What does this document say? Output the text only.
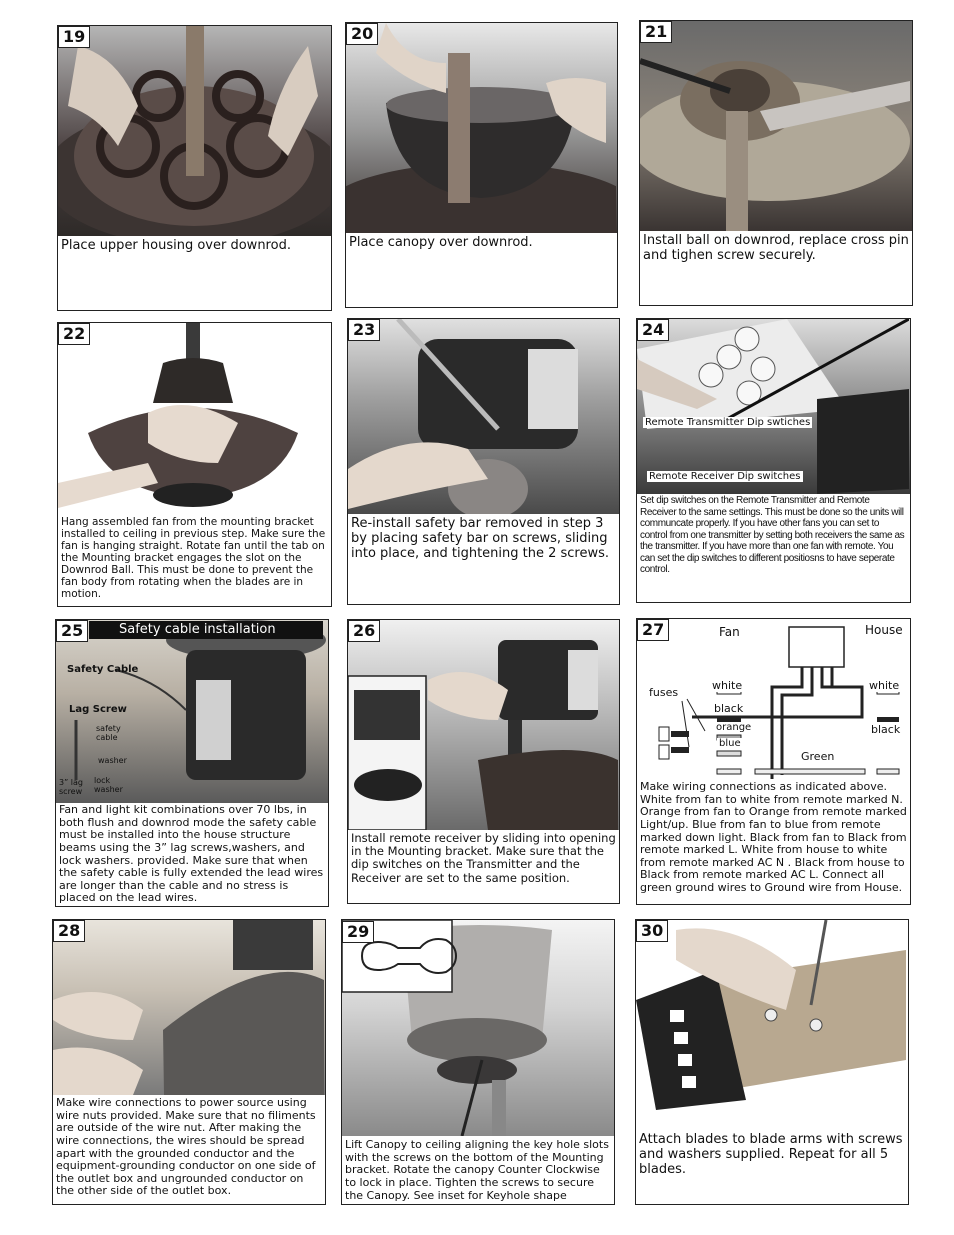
19
Place upper housing over downrod.
20
Place canopy over downrod.
21
Install ball on downrod, replace cross pin and tighen screw securely.
22
Hang assembled fan from the mounting bracket installed to ceiling in previous step. Make sure the fan is hanging straight. Rotate fan until the tab on the Mounting bracket engages the slot on the Downrod Ball. This must be done to prevent the fan body from rotating when the blades are in motion.
23
Re-install safety bar removed in step 3 by placing safety bar on screws, sliding into place, and tightening the 2 screws.
24
Remote Transmitter Dip swtiches
Remote Receiver Dip switches
Set dip switches on the Remote Transmitter and Remote Receiver to the same settings. This must be done so the units will communcate properly. If you have other fans you can set to control from one transmitter by setting both receivers the same as the transmitter. If you have more than one fan with remote. You can set the dip switches to different positiosns to have seperate control.
25	Safety cable installation
Safety Cable
Lag Screw
safety cable
washer
lock washer
3” lag screw
Fan and light kit combinations over 70 lbs, in both flush and downrod mode the safety cable must be installed into the house structure beams using the 3” lag screws,washers, and lock washers. provided. Make sure that when the safety cable is fully extended the lead wires are longer than the cable and no stress is placed on the lead wires.
26
Install remote receiver by sliding into opening in the Mounting bracket. Make sure that the dip switches on the Transmitter and the Receiver are set to the same position.
27	Fan	House
fuses
white
black
orange
blue
Green
white
black
Make wiring connections as indicated above. White from fan to white from remote marked N. Orange from fan to Orange from remote marked Light/up. Blue from fan to blue from remote marked down light. Black from fan to Black from remote marked L. White from house to white from remote marked AC N . Black from house to Black from remote marked AC L. Connect all green ground wires to Ground wire from House.
28
Make wire connections to power source using wire nuts provided. Make sure that no filiments are outside of the wire nut. After making the wire connections, the wires should be spread apart with the grounded conductor and the equipment-grounding conductor on one side of the outlet box and ungrounded conductor on the other side of the outlet box.
29
Lift Canopy to ceiling aligning the key hole slots with the screws on the bottom of the Mounting bracket. Rotate the canopy Counter Clockwise to lock in place. Tighten the screws to secure the Canopy. See inset for Keyhole shape
30
Attach blades to blade arms with screws and washers supplied. Repeat for all 5 blades.
